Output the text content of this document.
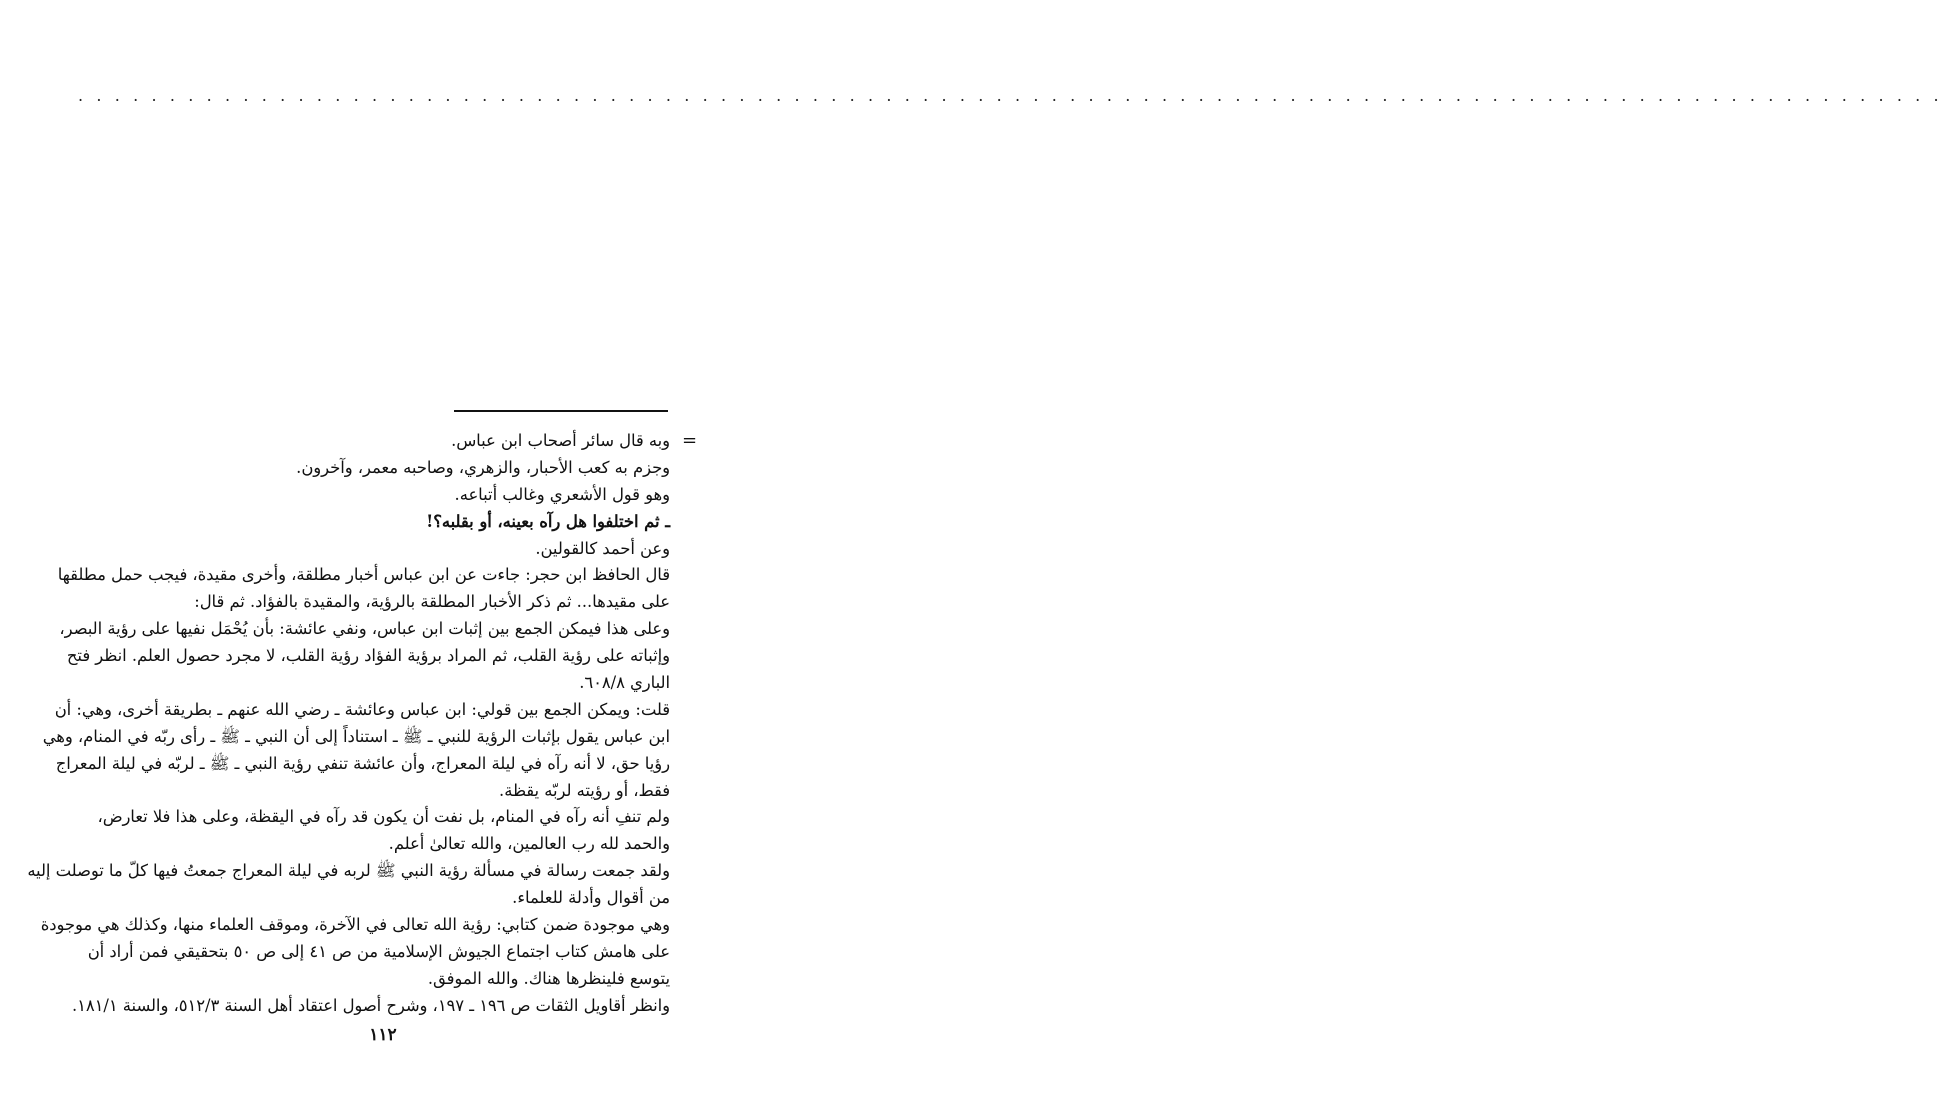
. . . . . . . . . . . . . . . . . . . . . . . . . . . . . . . . . . . . . . . . . . . . . . . . . . . . . . . . . . . . . . . . . . . . . . . . . . . . . . . . . . . . . . . . . . . . . . . . . . . . . .
=
وبه قال سائر أصحاب ابن عباس.
وجزم به كعب الأحبار، والزهري، وصاحبه معمر، وآخرون.
وهو قول الأشعري وغالب أتباعه.
ـ ثم اختلفوا هل رآه بعينه، أو بقلبه؟!
وعن أحمد كالقولين.
قال الحافظ ابن حجر: جاءت عن ابن عباس أخبار مطلقة، وأخرى مقيدة، فيجب حمل مطلقها
على مقيدها... ثم ذكر الأخبار المطلقة بالرؤية، والمقيدة بالفؤاد. ثم قال:
وعلى هذا فيمكن الجمع بين إثبات ابن عباس، ونفي عائشة: بأن يُحْمَل نفيها على رؤية البصر،
وإثباته على رؤية القلب، ثم المراد برؤية الفؤاد رؤية القلب، لا مجرد حصول العلم. انظر فتح
الباري ٦٠٨/٨.
قلت: ويمكن الجمع بين قولي: ابن عباس وعائشة ـ رضي الله عنهم ـ بطريقة أخرى، وهي: أن
ابن عباس يقول بإثبات الرؤية للنبي ـ ﷺ ـ استناداً إلى أن النبي ـ ﷺ ـ رأى ربّه في المنام، وهي
رؤيا حق، لا أنه رآه في ليلة المعراج، وأن عائشة تنفي رؤية النبي ـ ﷺ ـ لربّه في ليلة المعراج
فقط، أو رؤيته لربّه يقظة.
ولم تنفِ أنه رآه في المنام، بل نفت أن يكون قد رآه في اليقظة، وعلى هذا فلا تعارض،
والحمد لله رب العالمين، والله تعالىٰ أعلم.
ولقد جمعت رسالة في مسألة رؤية النبي ﷺ لربه في ليلة المعراج جمعتُ فيها كلّ ما توصلت إليه
من أقوال وأدلة للعلماء.
وهي موجودة ضمن كتابي: رؤية الله تعالى في الآخرة، وموقف العلماء منها، وكذلك هي موجودة
على هامش كتاب اجتماع الجيوش الإسلامية من ص ٤١ إلى ص ٥٠ بتحقيقي فمن أراد أن
يتوسع فلينظرها هناك. والله الموفق.
وانظر أقاويل الثقات ص ١٩٦ ـ ١٩٧، وشرح أصول اعتقاد أهل السنة ٥١٢/٣، والسنة ١٨١/١.
١١٢
